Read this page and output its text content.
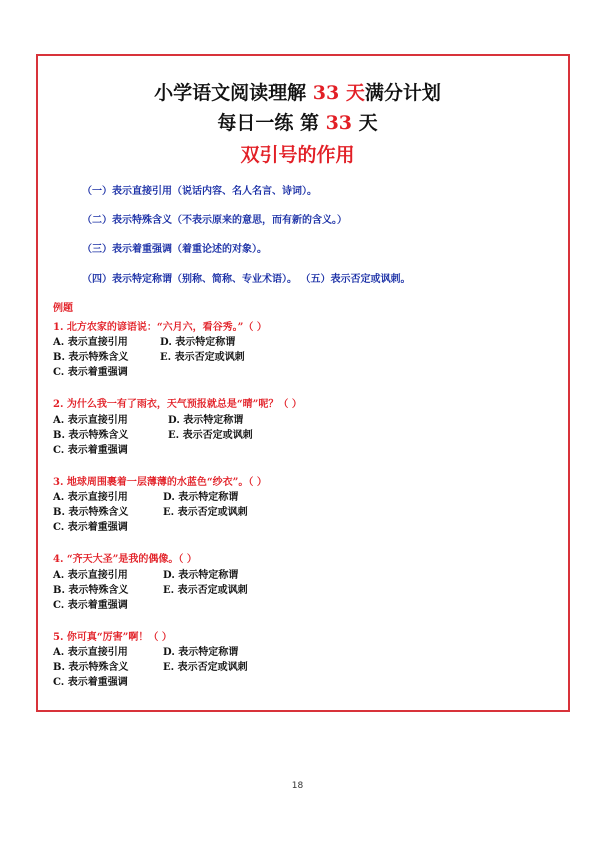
小学语文阅读理解 33 天满分计划
每日一练 第 33 天
双引号的作用
（一）表示直接引用（说话内容、名人名言、诗词）。
（二）表示特殊含义（不表示原来的意思，而有新的含义。）
（三）表示着重强调（着重论述的对象）。
（四）表示特定称谓（别称、简称、专业术语）。 （五）表示否定或讽刺。
例题
1. 北方农家的谚语说：“六月六，看谷秀。”（ ）
A. 表示直接引用	D. 表示特定称谓
B. 表示特殊含义	E. 表示否定或讽刺
C. 表示着重强调
2. 为什么我一有了雨衣，天气预报就总是“晴”呢？（ ）
A. 表示直接引用	D. 表示特定称谓
B. 表示特殊含义	E. 表示否定或讽刺
C. 表示着重强调
3. 地球周围裹着一层薄薄的水蓝色“纱衣”。（ ）
A. 表示直接引用	D. 表示特定称谓
B. 表示特殊含义	E. 表示否定或讽刺
C. 表示着重强调
4. “齐天大圣”是我的偶像。（ ）
A. 表示直接引用	D. 表示特定称谓
B. 表示特殊含义	E. 表示否定或讽刺
C. 表示着重强调
5. 你可真“厉害”啊！（ ）
A. 表示直接引用	D. 表示特定称谓
B. 表示特殊含义	E. 表示否定或讽刺
C. 表示着重强调
18
